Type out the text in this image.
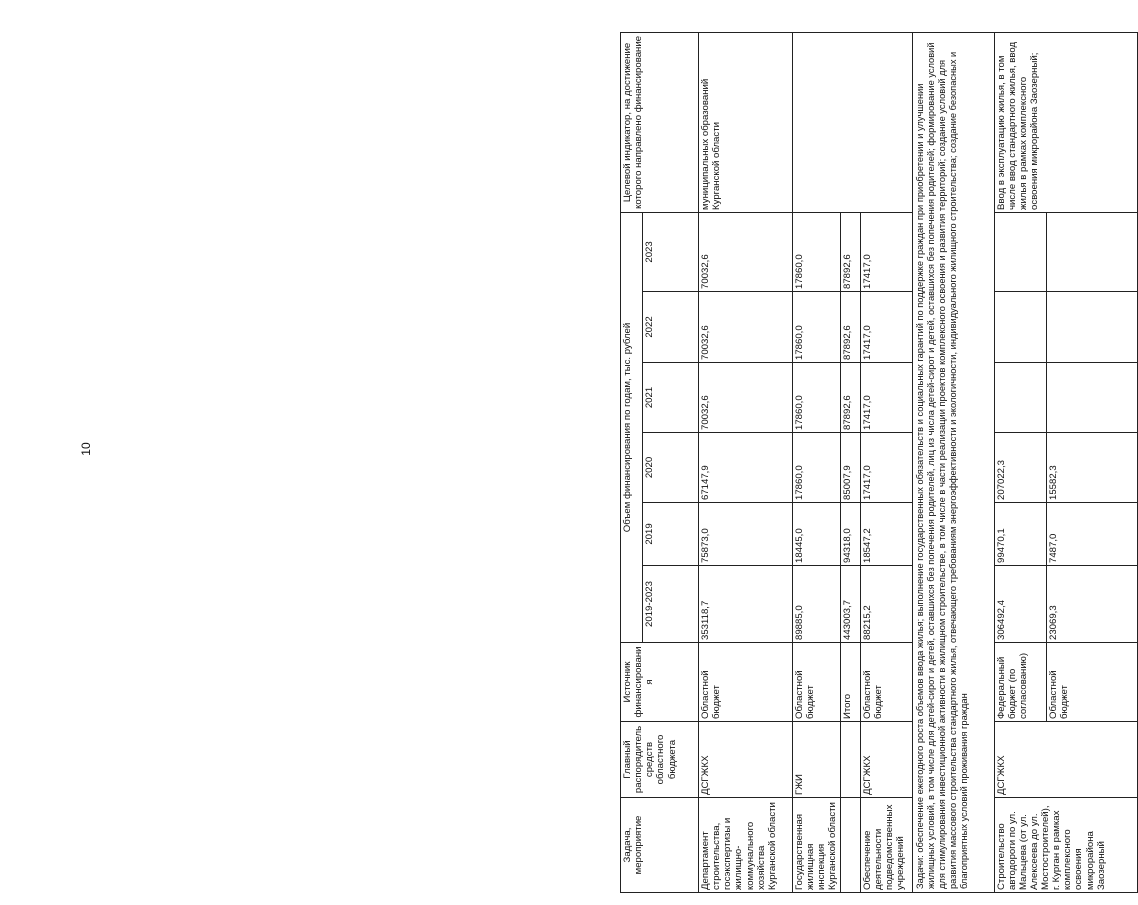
10
Задача, мероприятие	Главный распорядитель средств областного бюджета	Источник финансирования	Объем финансирования по годам, тыс. рублей						Целевой индикатор, на достижение которого направлено финансирование
			2019-2023	2019	2020	2021	2022	2023	
Департамент строительства, госэкспертизы и жилищно-коммунального хозяйства Курганской области	ДСГЖКХ	Областной бюджет	353118,7	75873,0	67147,9	70032,6	70032,6	70032,6	муниципальных образований Курганской области
Государственная жилищная инспекция Курганской области	ГЖИ	Областной бюджет	89885,0	18445,0	17860,0	17860,0	17860,0	17860,0	
		Итого	443003,7	94318,0	85007,9	87892,6	87892,6	87892,6	
Обеспечение деятельности подведомственных учреждений	ДСГЖКХ	Областной бюджет	88215,2	18547,2	17417,0	17417,0	17417,0	17417,0	
Задачи: обеспечение ежегодного роста объемов ввода жилья; выполнение государственных обязательств и социальных гарантий по поддержке граждан при приобретении и улучшении жилищных условий, в том числе для детей-сирот и детей, оставшихся без попечения родителей, лиц из числа детей-сирот и детей, оставшихся без попечения родителей; формирование условий для стимулирования инвестиционной активности в жилищном строительстве, в том числе в части реализации проектов комплексного освоения и развития территорий; создание условий для развития массового строительства стандартного жилья, отвечающего требованиям энергоэффективности и экологичности, индивидуального жилищного строительства; создание безопасных и благоприятных условий проживания граждан									
Строительство автодороги по ул. Мальцева (от ул. Алексеева до ул. Мостостроителей), г. Курган в рамках комплексного освоения микрорайона Заозерный	ДСГЖКХ	Федеральный бюджет (по согласованию)	306492,4	99470,1	207022,3				Ввод в эксплуатацию жилья, в том числе ввод стандартного жилья, ввод жилья в рамках комплексного освоения микрорайона Заозерный;
		Областной бюджет	23069,3	7487,0	15582,3				
